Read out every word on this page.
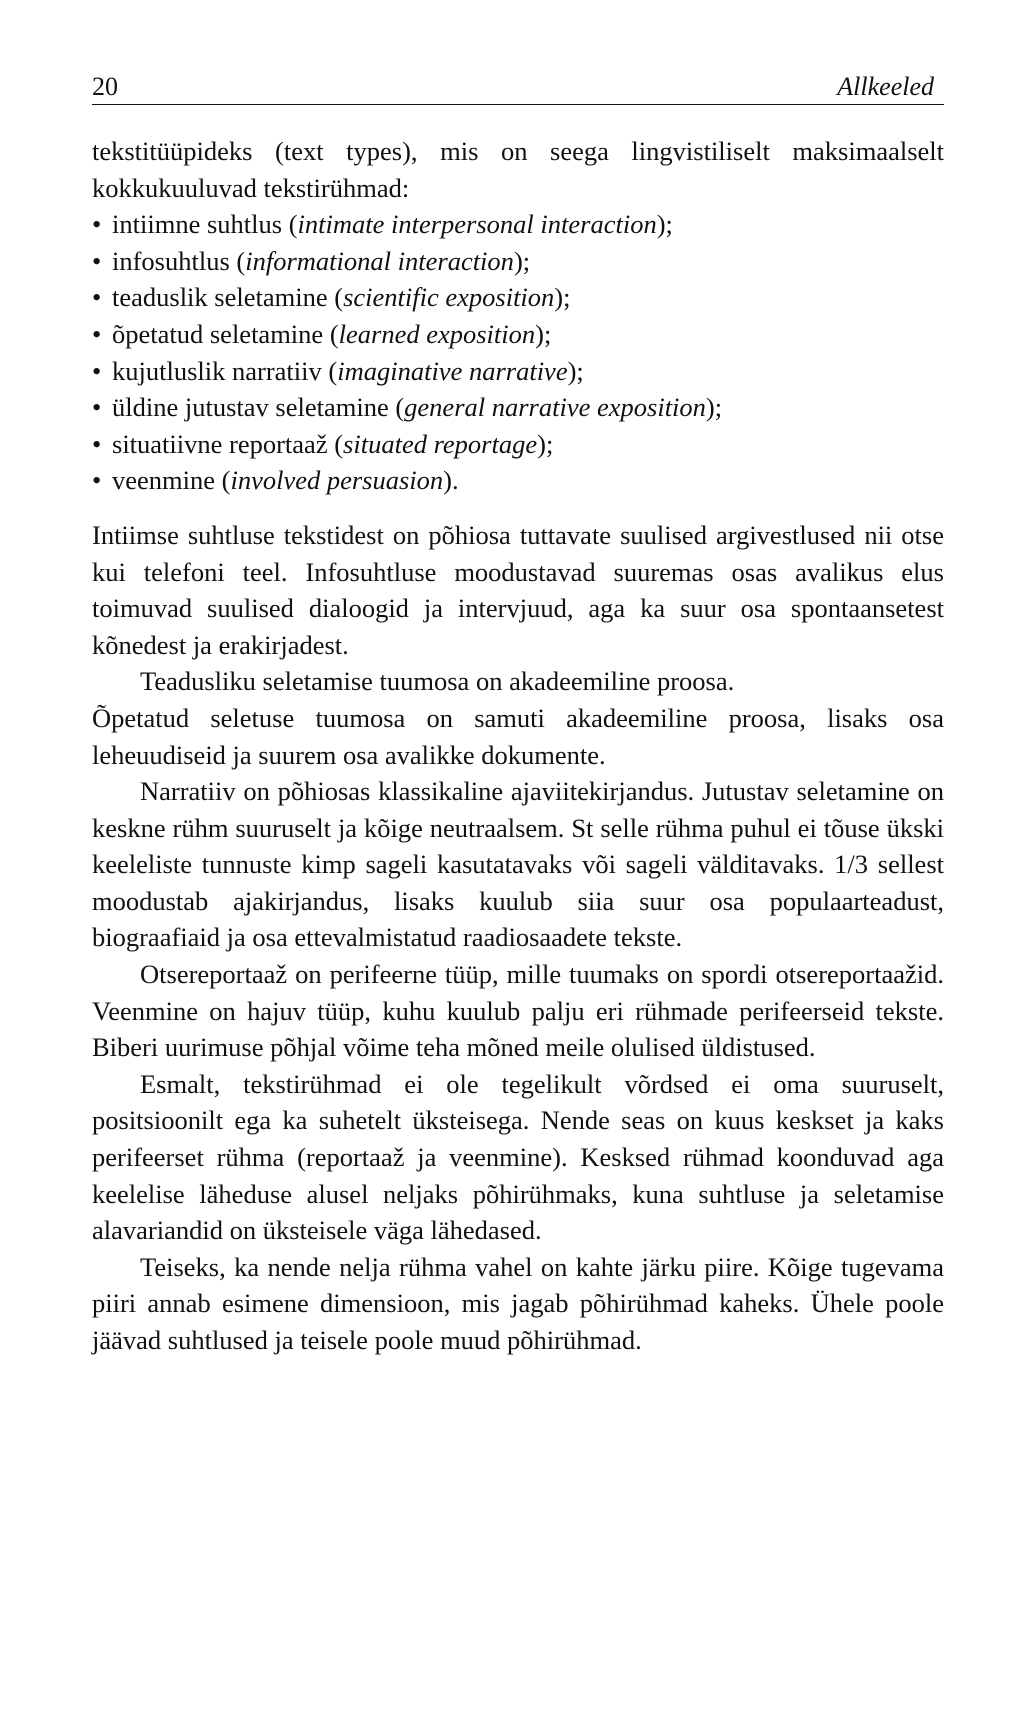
20	Allkeeled

tekstitüüpideks (text types), mis on seega lingvistiliselt maksimaalselt kokkukuuluvad tekstirühmad:

• intiimne suhtlus (intimate interpersonal interaction);
• infosuhtlus (informational interaction);
• teaduslik seletamine (scientific exposition);
• õpetatud seletamine (learned exposition);
• kujutluslik narratiiv (imaginative narrative);
• üldine jutustav seletamine (general narrative exposition);
• situatiivne reportaaž (situated reportage);
• veenmine (involved persuasion).

Intiimse suhtluse tekstidest on põhiosa tuttavate suulised argivestlused nii otse kui telefoni teel. Infosuhtluse moodustavad suuremas osas avalikus elus toimuvad suulised dialoogid ja intervjuud, aga ka suur osa spontaansetest kõnedest ja erakirjadest.

Teadusliku seletamise tuumosa on akadeemiline proosa.

Õpetatud seletuse tuumosa on samuti akadeemiline proosa, lisaks osa leheuudiseid ja suurem osa avalikke dokumente.

Narratiiv on põhiosas klassikaline ajaviitekirjandus. Jutustav seletamine on keskne rühm suuruselt ja kõige neutraalsem. St selle rühma puhul ei tõuse ükski keeleliste tunnuste kimp sageli kasutatavaks või sageli välditavaks. 1/3 sellest moodustab ajakirjandus, lisaks kuulub siia suur osa populaarteadust, biograafiaid ja osa ettevalmistatud raadiosaadete tekste.

Otsereportaaž on perifeerne tüüp, mille tuumaks on spordi otsereportaažid. Veenmine on hajuv tüüp, kuhu kuulub palju eri rühmade perifeerseid tekste. Biberi uurimuse põhjal võime teha mõned meile olulised üldistused.

Esmalt, tekstirühmad ei ole tegelikult võrdsed ei oma suuruselt, positsioonilt ega ka suhetelt üksteisega. Nende seas on kuus keskset ja kaks perifeerset rühma (reportaaž ja veenmine). Kesksed rühmad koonduvad aga keelelise läheduse alusel neljaks põhirühmaks, kuna suhtluse ja seletamise alavariandid on üksteisele väga lähedased.

Teiseks, ka nende nelja rühma vahel on kahte järku piire. Kõige tugevama piiri annab esimene dimensioon, mis jagab põhirühmad kaheks. Ühele poole jäävad suhtlused ja teisele poole muud põhirühmad.
